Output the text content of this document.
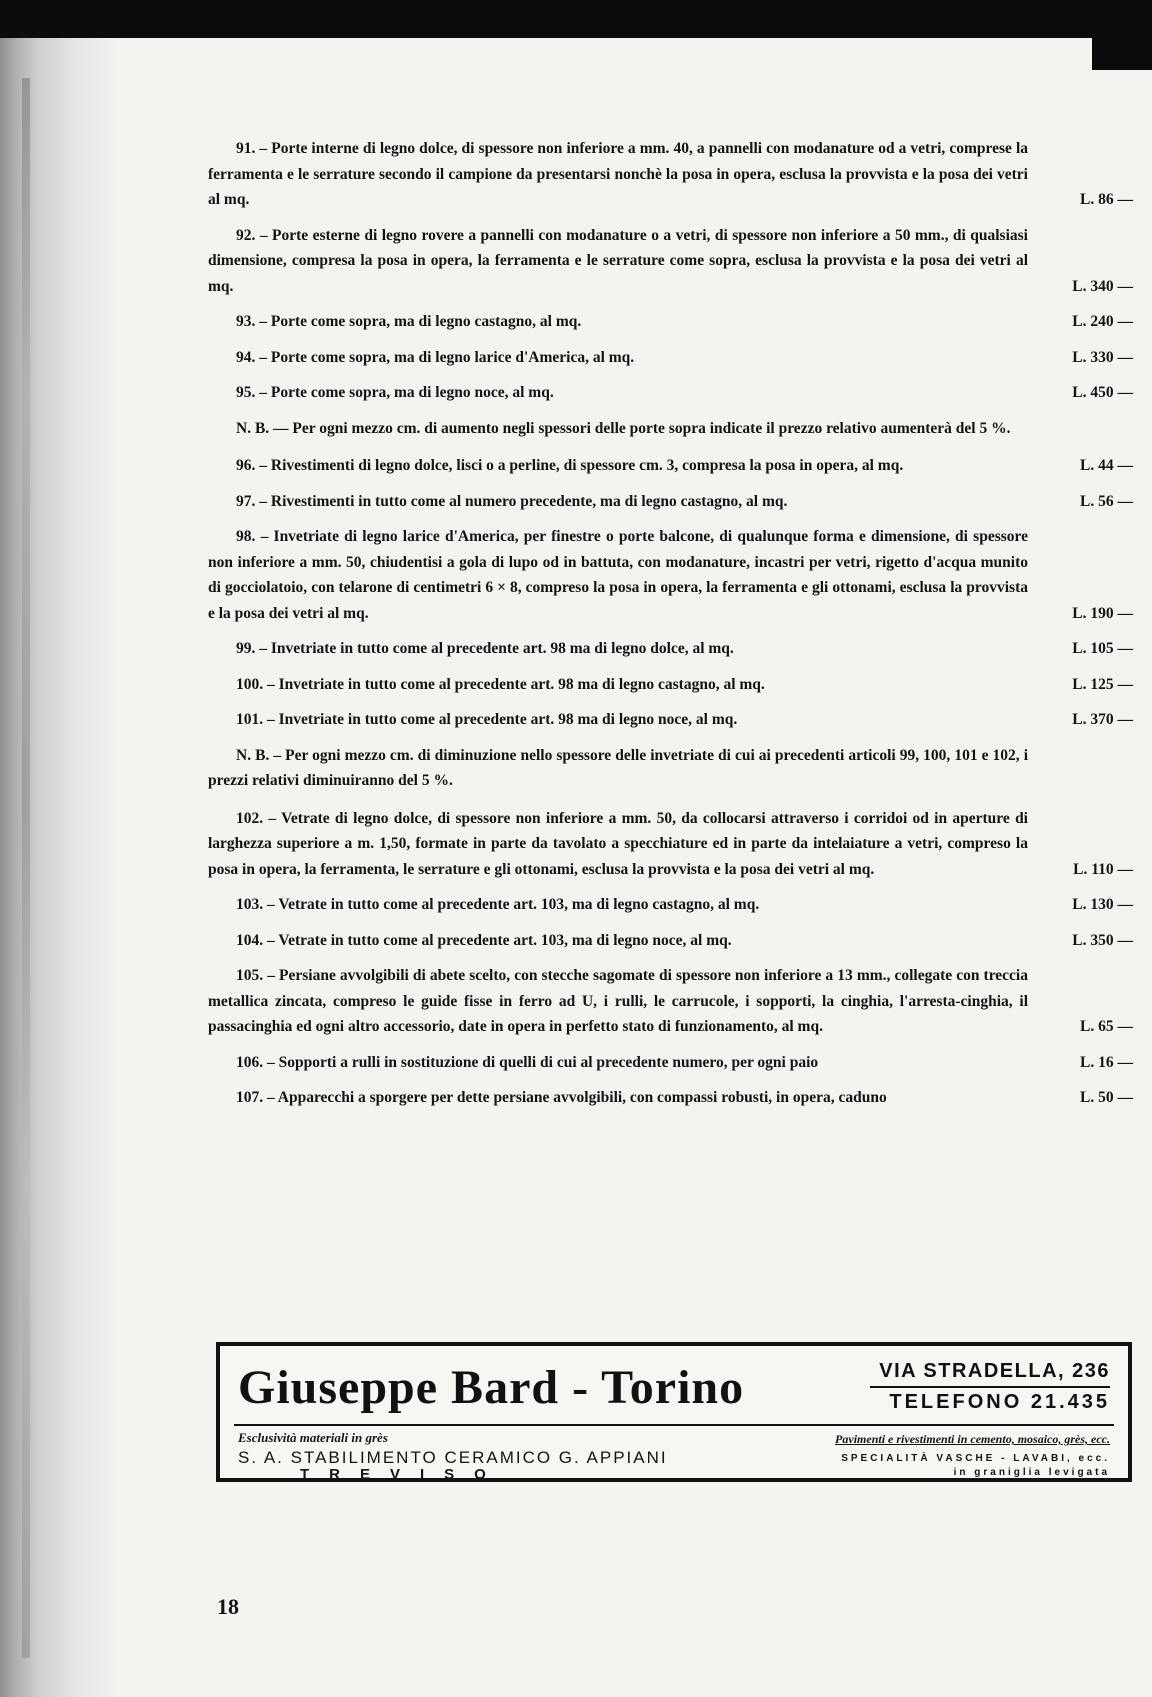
91. – Porte interne di legno dolce, di spessore non inferiore a mm. 40, a pannelli con modanature od a vetri, comprese la ferramenta e le serrature secondo il campione da presentarsi nonchè la posa in opera, esclusa la provvista e la posa dei vetri al mq.	L. 86 —
92. – Porte esterne di legno rovere a pannelli con modanature o a vetri, di spessore non inferiore a 50 mm., di qualsiasi dimensione, compresa la posa in opera, la ferramenta e le serrature come sopra, esclusa la provvista e la posa dei vetri al mq.	L. 340 —
93. – Porte come sopra, ma di legno castagno, al mq.	L. 240 —
94. – Porte come sopra, ma di legno larice d'America, al mq.	L. 330 —
95. – Porte come sopra, ma di legno noce, al mq.	L. 450 —
N. B. — Per ogni mezzo cm. di aumento negli spessori delle porte sopra indicate il prezzo relativo aumenterà del 5 %.
96. – Rivestimenti di legno dolce, lisci o a perline, di spessore cm. 3, compresa la posa in opera, al mq.	L. 44 —
97. – Rivestimenti in tutto come al numero precedente, ma di legno castagno, al mq.	L. 56 —
98. – Invetriate di legno larice d'America, per finestre o porte balcone, di qualunque forma e dimensione, di spessore non inferiore a mm. 50, chiudentisi a gola di lupo od in battuta, con modanature, incastri per vetri, rigetto d'acqua munito di gocciolatoio, con telarone di centimetri 6 × 8, compreso la posa in opera, la ferramenta e gli ottonami, esclusa la provvista e la posa dei vetri al mq.	L. 190 —
99. – Invetriate in tutto come al precedente art. 98 ma di legno dolce, al mq.	L. 105 —
100. – Invetriate in tutto come al precedente art. 98 ma di legno castagno, al mq.	L. 125 —
101. – Invetriate in tutto come al precedente art. 98 ma di legno noce, al mq.	L. 370 —
N. B. – Per ogni mezzo cm. di diminuzione nello spessore delle invetriate di cui ai precedenti articoli 99, 100, 101 e 102, i prezzi relativi diminuiranno del 5 %.
102. – Vetrate di legno dolce, di spessore non inferiore a mm. 50, da collocarsi attraverso i corridoi od in aperture di larghezza superiore a m. 1,50, formate in parte da tavolato a specchiature ed in parte da intelaiature a vetri, compreso la posa in opera, la ferramenta, le serrature e gli ottonami, esclusa la provvista e la posa dei vetri al mq.	L. 110 —
103. – Vetrate in tutto come al precedente art. 103, ma di legno castagno, al mq.	L. 130 —
104. – Vetrate in tutto come al precedente art. 103, ma di legno noce, al mq.	L. 350 —
105. – Persiane avvolgibili di abete scelto, con stecche sagomate di spessore non inferiore a 13 mm., collegate con treccia metallica zincata, compreso le guide fisse in ferro ad U, i rulli, le carrucole, i sopporti, la cinghia, l'arresta-cinghia, il passacinghia ed ogni altro accessorio, date in opera in perfetto stato di funzionamento, al mq.	L. 65 —
106. – Sopporti a rulli in sostituzione di quelli di cui al precedente numero, per ogni paio	L. 16 —
107. – Apparecchi a sporgere per dette persiane avvolgibili, con compassi robusti, in opera, caduno	L. 50 —
Giuseppe Bard - Torino	VIA STRADELLA, 236
TELEFONO 21.435
Esclusività materiali in grès
S. A. STABILIMENTO CERAMICO G. APPIANI
TREVISO
Pavimenti e rivestimenti in cemento, mosaico, grès, ecc.
SPECIALITÀ VASCHE - LAVABI, ecc.
in graniglia levigata
18
